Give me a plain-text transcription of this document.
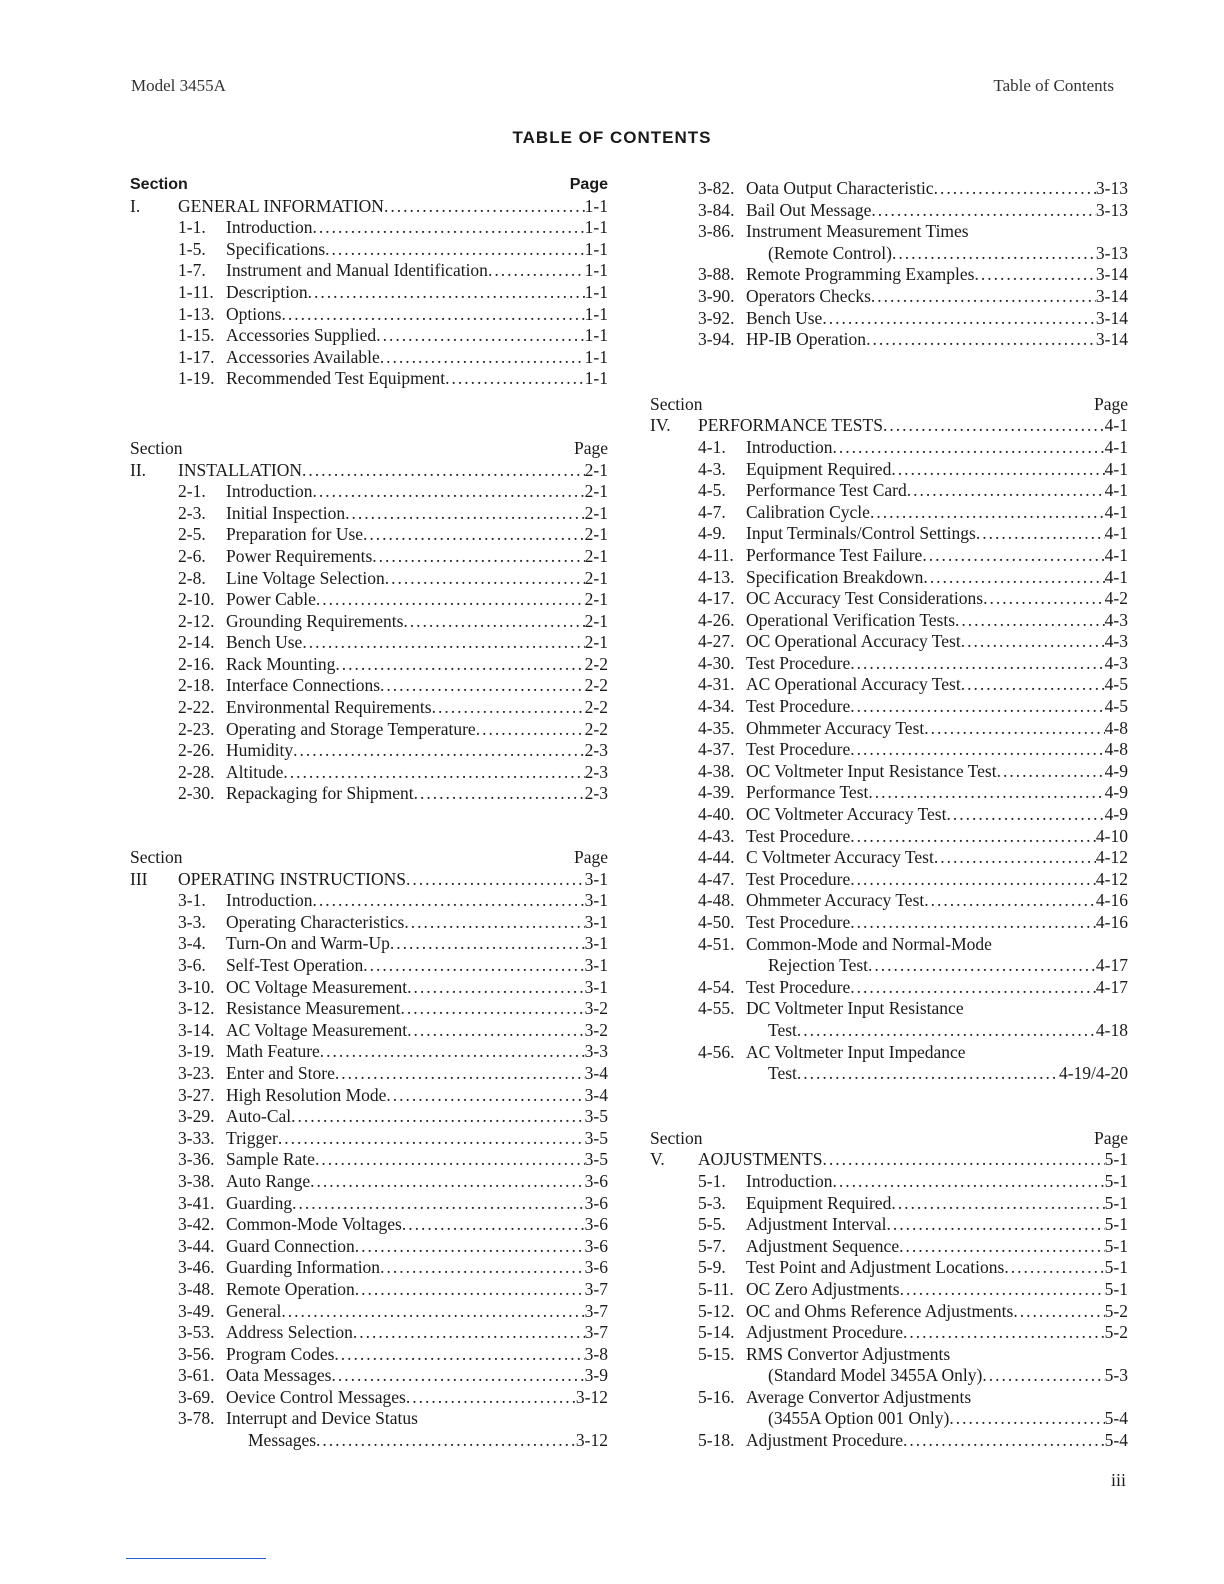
Model 3455A	Table of Contents
TABLE OF CONTENTS
Section	Page
I.	GENERAL INFORMATION .....	1-1
1-1.	Introduction .....	1-1
1-5.	Specifications .....	1-1
1-7.	Instrument and Manual Identification .....	1-1
1-11. Description .....	1-1
1-13. Options .....	1-1
1-15. Accessories Supplied .....	1-1
1-17. Accessories Available .....	1-1
1-19. Recommended Test Equipment .....	1-1
Section	Page
II.	INSTALLATION .....	2-1
2-1.	Introduction .....	2-1
2-3.	Initial Inspection .....	2-1
2-5.	Preparation for Use .....	2-1
2-6.	Power Requirements .....	2-1
2-8.	Line Voltage Selection .....	2-1
2-10. Power Cable .....	2-1
2-12. Grounding Requirements .....	2-1
2-14. Bench Use .....	2-1
2-16. Rack Mounting .....	2-2
2-18. Interface Connections .....	2-2
2-22. Environmental Requirements .....	2-2
2-23. Operating and Storage Temperature .....	2-2
2-26. Humidity .....	2-3
2-28. Altitude .....	2-3
2-30. Repackaging for Shipment .....	2-3
Section	Page
III	OPERATING INSTRUCTIONS .....	3-1
3-1.	Introduction .....	3-1
3-3.	Operating Characteristics .....	3-1
3-4.	Turn-On and Warm-Up .....	3-1
3-6.	Self-Test Operation .....	3-1
3-10. OC Voltage Measurement .....	3-1
3-12. Resistance Measurement .....	3-2
3-14. AC Voltage Measurement .....	3-2
3-19. Math Feature .....	3-3
3-23. Enter and Store .....	3-4
3-27. High Resolution Mode .....	3-4
3-29. Auto-Cal .....	3-5
3-33. Trigger .....	3-5
3-36. Sample Rate .....	3-5
3-38. Auto Range .....	3-6
3-41. Guarding .....	3-6
3-42. Common-Mode Voltages .....	3-6
3-44. Guard Connection .....	3-6
3-46. Guarding Information .....	3-6
3-48. Remote Operation .....	3-7
3-49. General .....	3-7
3-53. Address Selection .....	3-7
3-56. Program Codes .....	3-8
3-61. Oata Messages .....	3-9
3-69. Oevice Control Messages .....	3-12
3-78. Interrupt and Device Status
Messages .....	3-12
3-82. Oata Output Characteristic .....	3-13
3-84. Bail Out Message .....	3-13
3-86. Instrument Measurement Times
(Remote Control) .....	3-13
3-88. Remote Programming Examples .....	3-14
3-90. Operators Checks .....	3-14
3-92. Bench Use .....	3-14
3-94. HP-IB Operation .....	3-14
Section	Page
IV.	PERFORMANCE TESTS .....	4-1
4-1.	Introduction .....	4-1
4-3.	Equipment Required .....	4-1
4-5.	Performance Test Card .....	4-1
4-7.	Calibration Cycle .....	4-1
4-9.	Input Terminals/Control Settings .....	4-1
4-11. Performance Test Failure .....	4-1
4-13. Specification Breakdown .....	4-1
4-17. OC Accuracy Test Considerations .....	4-2
4-26. Operational Verification Tests .....	4-3
4-27. OC Operational Accuracy Test .....	4-3
4-30. Test Procedure .....	4-3
4-31. AC Operational Accuracy Test .....	4-5
4-34. Test Procedure .....	4-5
4-35. Ohmmeter Accuracy Test .....	4-8
4-37. Test Procedure .....	4-8
4-38. OC Voltmeter Input Resistance Test .....	4-9
4-39. Performance Test .....	4-9
4-40. OC Voltmeter Accuracy Test .....	4-9
4-43. Test Procedure .....	4-10
4-44. C Voltmeter Accuracy Test .....	4-12
4-47. Test Procedure .....	4-12
4-48. Ohmmeter Accuracy Test .....	4-16
4-50. Test Procedure .....	4-16
4-51. Common-Mode and Normal-Mode
Rejection Test .....	4-17
4-54. Test Procedure .....	4-17
4-55. DC Voltmeter Input Resistance
Test .....	4-18
4-56. AC Voltmeter Input Impedance
Test .....	4-19/4-20
Section	Page
V.	AOJUSTMENTS .....	5-1
5-1.	Introduction .....	5-1
5-3.	Equipment Required .....	5-1
5-5.	Adjustment Interval .....	5-1
5-7.	Adjustment Sequence .....	5-1
5-9.	Test Point and Adjustment Locations .....	5-1
5-11. OC Zero Adjustments .....	5-1
5-12. OC and Ohms Reference Adjustments .....	5-2
5-14. Adjustment Procedure .....	5-2
5-15. RMS Convertor Adjustments
(Standard Model 3455A Only) .....	5-3
5-16. Average Convertor Adjustments
(3455A Option 001 Only) .....	5-4
5-18. Adjustment Procedure .....	5-4
iii
